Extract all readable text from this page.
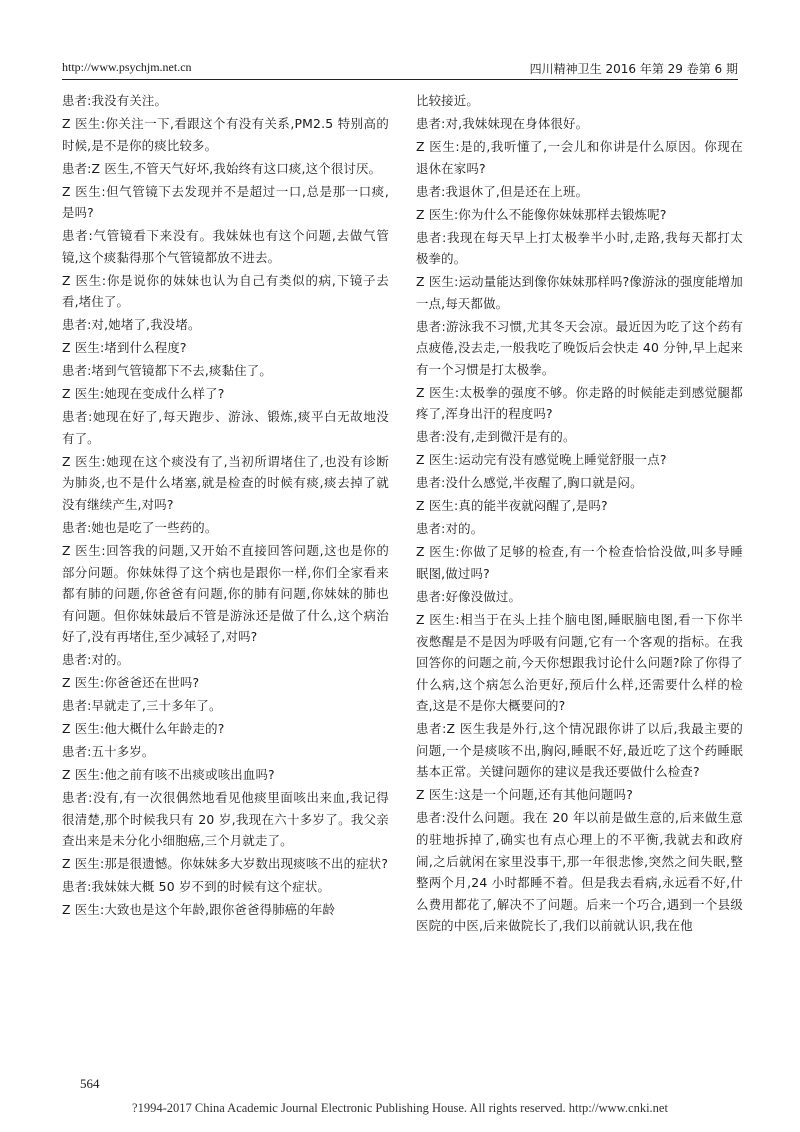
http://www.psychjm.net.cn	四川精神卫生 2016 年第 29 卷第 6 期

患者:我没有关注。

Z 医生:你关注一下,看跟这个有没有关系,PM2.5 特别高的时候,是不是你的痰比较多。

患者:Z 医生,不管天气好坏,我始终有这口痰,这个很讨厌。

Z 医生:但气管镜下去发现并不是超过一口,总是那一口痰,是吗?

患者:气管镜看下来没有。我妹妹也有这个问题,去做气管镜,这个痰黏得那个气管镜都放不进去。

Z 医生:你是说你的妹妹也认为自己有类似的病,下镜子去看,堵住了。

患者:对,她堵了,我没堵。

Z 医生:堵到什么程度?

患者:堵到气管镜都下不去,痰黏住了。

Z 医生:她现在变成什么样了?

患者:她现在好了,每天跑步、游泳、锻炼,痰平白无故地没有了。

Z 医生:她现在这个痰没有了,当初所谓堵住了,也没有诊断为肺炎,也不是什么堵塞,就是检查的时候有痰,痰去掉了就没有继续产生,对吗?

患者:她也是吃了一些药的。

Z 医生:回答我的问题,又开始不直接回答问题,这也是你的部分问题。你妹妹得了这个病也是跟你一样,你们全家看来都有肺的问题,你爸爸有问题,你的肺有问题,你妹妹的肺也有问题。但你妹妹最后不管是游泳还是做了什么,这个病治好了,没有再堵住,至少减轻了,对吗?

患者:对的。

Z 医生:你爸爸还在世吗?

患者:早就走了,三十多年了。

Z 医生:他大概什么年龄走的?

患者:五十多岁。

Z 医生:他之前有咳不出痰或咳出血吗?

患者:没有,有一次很偶然地看见他痰里面咳出来血,我记得很清楚,那个时候我只有 20 岁,我现在六十多岁了。我父亲查出来是未分化小细胞癌,三个月就走了。

Z 医生:那是很遗憾。你妹妹多大岁数出现痰咳不出的症状?

患者:我妹妹大概 50 岁不到的时候有这个症状。

Z 医生:大致也是这个年龄,跟你爸爸得肺癌的年龄

比较接近。

患者:对,我妹妹现在身体很好。

Z 医生:是的,我听懂了,一会儿和你讲是什么原因。你现在退休在家吗?

患者:我退休了,但是还在上班。

Z 医生:你为什么不能像你妹妹那样去锻炼呢?

患者:我现在每天早上打太极拳半小时,走路,我每天都打太极拳的。

Z 医生:运动量能达到像你妹妹那样吗?像游泳的强度能增加一点,每天都做。

患者:游泳我不习惯,尤其冬天会凉。最近因为吃了这个药有点疲倦,没去走,一般我吃了晚饭后会快走 40 分钟,早上起来有一个习惯是打太极拳。

Z 医生:太极拳的强度不够。你走路的时候能走到感觉腿都疼了,浑身出汗的程度吗?

患者:没有,走到微汗是有的。

Z 医生:运动完有没有感觉晚上睡觉舒服一点?

患者:没什么感觉,半夜醒了,胸口就是闷。

Z 医生:真的能半夜就闷醒了,是吗?

患者:对的。

Z 医生:你做了足够的检查,有一个检查恰恰没做,叫多导睡眠图,做过吗?

患者:好像没做过。

Z 医生:相当于在头上挂个脑电图,睡眠脑电图,看一下你半夜憋醒是不是因为呼吸有问题,它有一个客观的指标。在我回答你的问题之前,今天你想跟我讨论什么问题?除了你得了什么病,这个病怎么治更好,预后什么样,还需要什么样的检查,这是不是你大概要问的?

患者:Z 医生我是外行,这个情况跟你讲了以后,我最主要的问题,一个是痰咳不出,胸闷,睡眠不好,最近吃了这个药睡眠基本正常。关键问题你的建议是我还要做什么检查?

Z 医生:这是一个问题,还有其他问题吗?

患者:没什么问题。我在 20 年以前是做生意的,后来做生意的驻地拆掉了,确实也有点心理上的不平衡,我就去和政府闹,之后就闲在家里没事干,那一年很悲惨,突然之间失眠,整整两个月,24 小时都睡不着。但是我去看病,永远看不好,什么费用都花了,解决不了问题。后来一个巧合,遇到一个县级医院的中医,后来做院长了,我们以前就认识,我在他

564
?1994-2017 China Academic Journal Electronic Publishing House. All rights reserved. http://www.cnki.net
